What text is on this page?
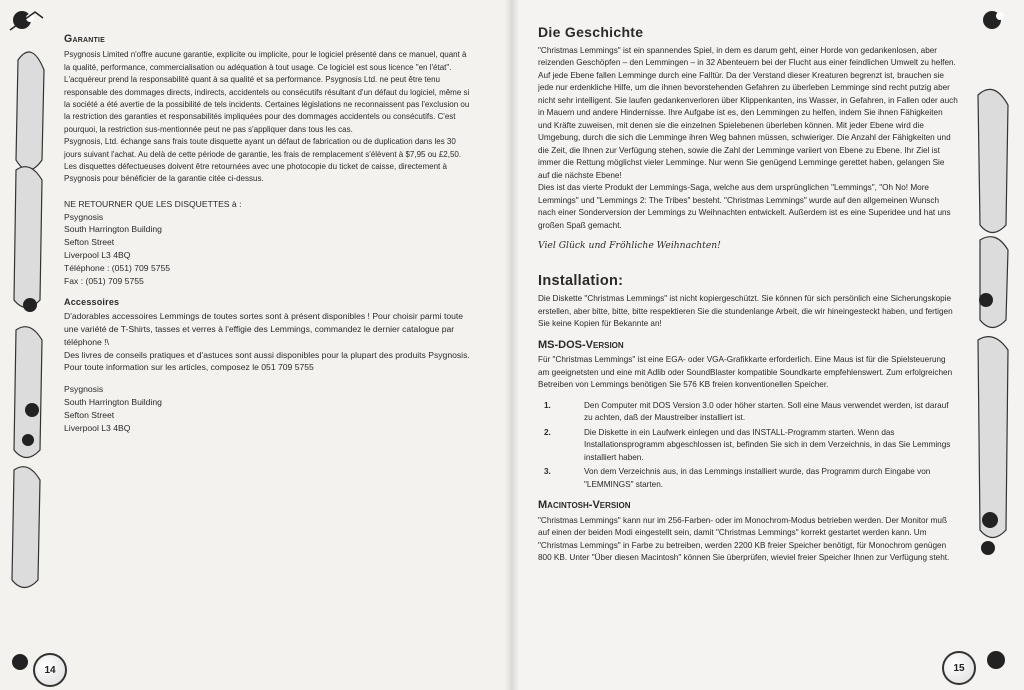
Garantie

Psygnosis Limited n'offre aucune garantie, explicite ou implicite, pour le logiciel présenté dans ce manuel, quant à la qualité, performance, commercialisation ou adéquation à tout usage. Ce logiciel est sous licence "en l'état". L'acquéreur prend la responsabilité quant à sa qualité et sa performance. Psygnosis Ltd. ne peut être tenu responsable des dommages directs, indirects, accidentels ou consécutifs résultant d'un défaut du logiciel, même si la société a été avertie de la possibilité de tels incidents. Certaines législations ne reconnaissent pas l'exclusion ou la restriction des garanties et responsabilités impliquées pour des dommages accidentels ou consécutifs. C'est pourquoi, la restriction sus-mentionnée peut ne pas s'appliquer dans tous les cas.

Psygnosis, Ltd. échange sans frais toute disquette ayant un défaut de fabrication ou de duplication dans les 30 jours suivant l'achat. Au delà de cette période de garantie, les frais de remplacement s'élèvent à $7,95 ou £2,50. Les disquettes défectueuses doivent être retournées avec une photocopie du ticket de caisse, directement à Psygnosis pour bénéficier de la garantie citée ci-dessus.

NE RETOURNER QUE LES DISQUETTES à :

Psygnosis
South Harrington Building
Sefton Street
Liverpool L3 4BQ
Téléphone : (051) 709 5755
Fax : (051) 709 5755
Accessoires

D'adorables accessoires Lemmings de toutes sortes sont à présent disponibles ! Pour choisir parmi toute une variété de T-Shirts, tasses et verres à l'effigie des Lemmings, commandez le dernier catalogue par téléphone !\

Des livres de conseils pratiques et d'astuces sont aussi disponibles pour la plupart des produits Psygnosis.

Pour toute information sur les articles, composez le 051 709 5755

Psygnosis
South Harrington Building
Sefton Street
Liverpool L3 4BQ
14
Die Geschichte

"Christmas Lemmings" ist ein spannendes Spiel, in dem es darum geht, einer Horde von gedankenlosen, aber reizenden Geschöpfen – den Lemmingen – in 32 Abenteuern bei der Flucht aus einer feindlichen Umwelt zu helfen.

Auf jede Ebene fallen Lemminge durch eine Falltür. Da der Verstand dieser Kreaturen begrenzt ist, brauchen sie jede nur erdenkliche Hilfe, um die ihnen bevorstehenden Gefahren zu überleben Lemminge sind recht putzig aber nicht sehr intelligent. Sie laufen gedankenverloren über Klippenkanten, ins Wasser, in Gefahren, in Fallen oder auch in Mauern und andere Hindernisse. Ihre Aufgabe ist es, den Lemmingen zu helfen, indem Sie ihnen Fähigkeiten und Kräfte zuweisen, mit denen sie die einzelnen Spielebenen überleben können. Mit jeder Ebene wird die Umgebung, durch die sich die Lemminge ihren Weg bahnen müssen, schwieriger. Die Anzahl der Fähigkeiten und die Zeit, die Ihnen zur Verfügung stehen, sowie die Zahl der Lemminge variiert von Ebene zu Ebene. Ihr Ziel ist immer die Rettung möglichst vieler Lemminge. Nur wenn Sie genügend Lemminge gerettet haben, gelangen Sie auf die nächste Ebene!

Dies ist das vierte Produkt der Lemmings-Saga, welche aus dem ursprünglichen "Lemmings", "Oh No! More Lemmings" und "Lemmings 2: The Tribes" besteht. "Christmas Lemmings" wurde auf den allgemeinen Wunsch nach einer Sonderversion der Lemmings zu Weihnachten entwickelt. Außerdem ist es eine Superidee und hat uns großen Spaß gemacht.

Viel Glück und Fröhliche Weihnachten!
Installation:

Die Diskette "Christmas Lemmings" ist nicht kopiergeschützt. Sie können für sich persönlich eine Sicherungskopie erstellen, aber bitte, bitte, bitte respektieren Sie die stundenlange Arbeit, die wir hineingesteckt haben, und fertigen Sie keine Kopien für Bekannte an!

MS-DOS-Version

Für "Christmas Lemmings" ist eine EGA- oder VGA-Grafikkarte erforderlich. Eine Maus ist für die Spielsteuerung am geeignetsten und eine mit Adlib oder SoundBlaster kompatible Soundkarte empfehlenswert. Zum erfolgreichen Betreiben von Lemmings benötigen Sie 576 KB freien konventionellen Speicher.

1.	Den Computer mit DOS Version 3.0 oder höher starten. Soll eine Maus verwendet werden, ist darauf zu achten, daß der Maustreiber installiert ist.
2.	Die Diskette in ein Laufwerk einlegen und das INSTALL-Programm starten. Wenn das Installationsprogramm abgeschlossen ist, befinden Sie sich in dem Verzeichnis, in das Sie Lemmings installiert haben.
3.	Von dem Verzeichnis aus, in das Lemmings installiert wurde, das Programm durch Eingabe von "LEMMINGS" starten.
Macintosh-Version

"Christmas Lemmings" kann nur im 256-Farben- oder im Monochrom-Modus betrieben werden. Der Monitor muß auf einen der beiden Modi eingestellt sein, damit "Christmas Lemmings" korrekt gestartet werden kann. Um "Christmas Lemmings" in Farbe zu betreiben, werden 2200 KB freier Speicher benötigt, für Monochrom genügen 800 KB. Unter "Über diesen Macintosh" können Sie überprüfen, wieviel freier Speicher Ihnen zur Verfügung steht.

15
